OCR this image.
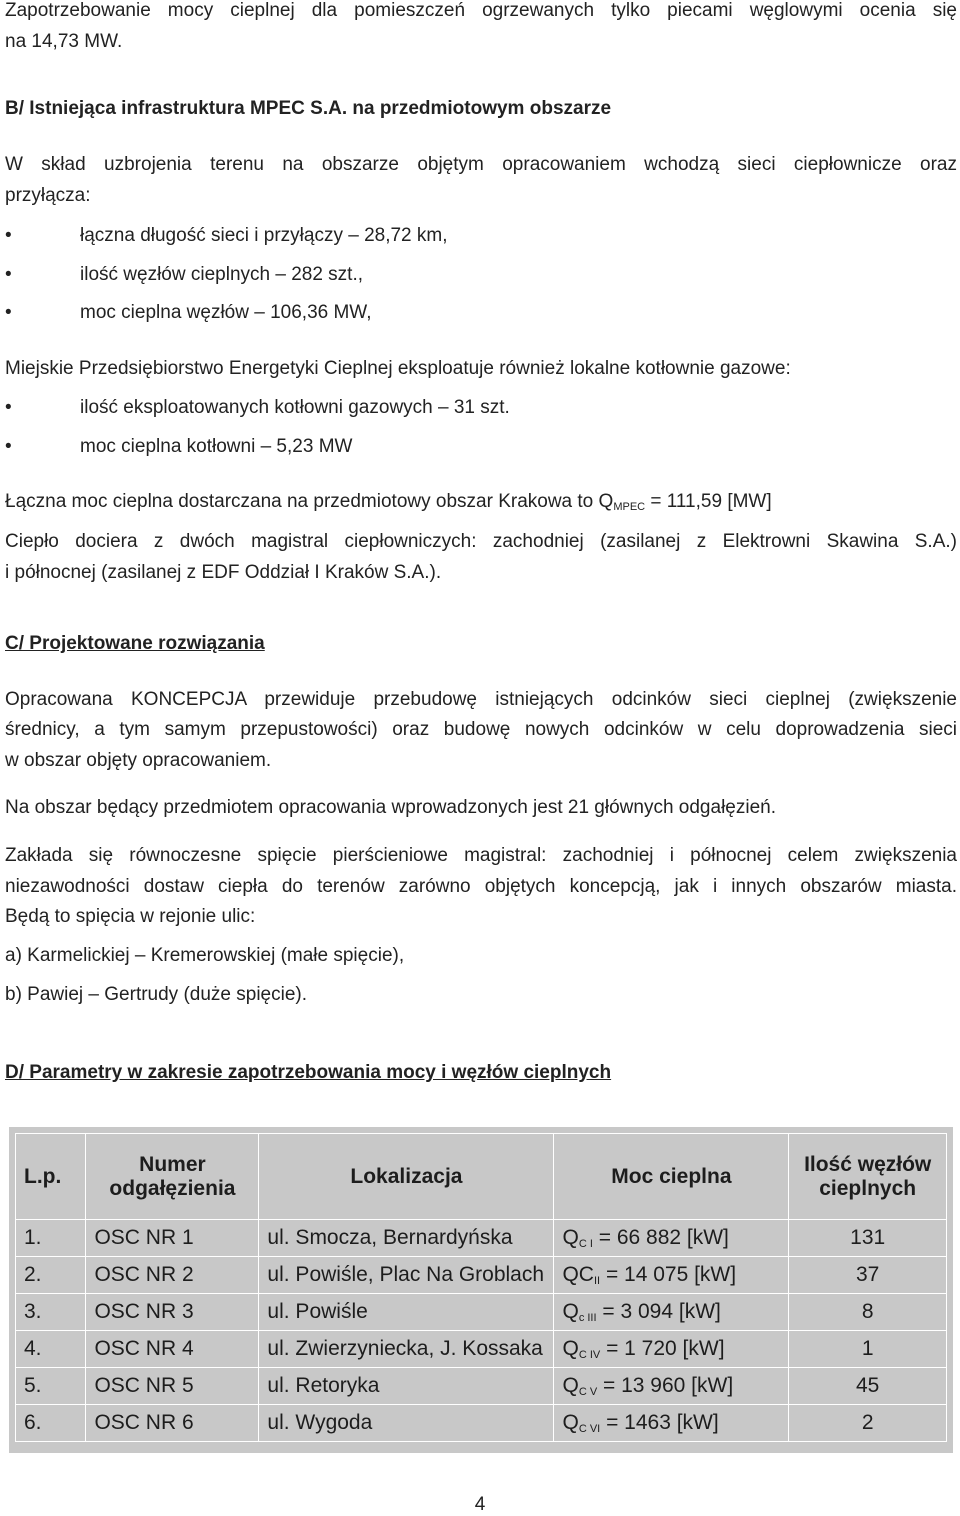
Zapotrzebowanie mocy cieplnej dla pomieszczeń ogrzewanych tylko piecami węglowymi ocenia się
na 14,73 MW.
B/ Istniejąca infrastruktura MPEC S.A. na przedmiotowym obszarze
W skład uzbrojenia terenu na obszarze objętym opracowaniem wchodzą sieci ciepłownicze oraz
przyłącza:
•	łączna długość sieci i przyłączy – 28,72 km,
•	ilość węzłów cieplnych – 282 szt.,
•	moc cieplna węzłów – 106,36 MW,
Miejskie Przedsiębiorstwo Energetyki Cieplnej eksploatuje również lokalne kotłownie gazowe:
•	ilość eksploatowanych kotłowni gazowych – 31 szt.
•	moc cieplna kotłowni – 5,23 MW
Łączna moc cieplna dostarczana na przedmiotowy obszar Krakowa to $Q_{MPEC} = 111,59$ [MW]
Ciepło dociera z dwóch magistral ciepłowniczych: zachodniej (zasilanej z Elektrowni Skawina S.A.)
i północnej (zasilanej z EDF Oddział I Kraków S.A.).
C/ Projektowane rozwiązania
Opracowana KONCEPCJA przewiduje przebudowę istniejących odcinków sieci cieplnej (zwiększenie
średnicy, a tym samym przepustowości) oraz budowę nowych odcinków w celu doprowadzenia sieci
w obszar objęty opracowaniem.
Na obszar będący przedmiotem opracowania wprowadzonych jest 21 głównych odgałęzień.
Zakłada się równoczesne spięcie pierścieniowe magistral: zachodniej i północnej celem zwiększenia
niezawodności dostaw ciepła do terenów zarówno objętych koncepcją, jak i innych obszarów miasta.
Będą to spięcia w rejonie ulic:
a) Karmelickiej – Kremerowskiej (małe spięcie),
b) Pawiej – Gertrudy (duże spięcie).
D/ Parametry w zakresie zapotrzebowania mocy i węzłów cieplnych
L.p.	Numer odgałęzienia	Lokalizacja	Moc cieplna	Ilość węzłów cieplnych
1.	OSC NR 1	ul. Smocza, Bernardyńska	$Q_{C I} = 66$ 882 [kW]	131
2.	OSC NR 2	ul. Powiśle, Plac Na Groblach	$QC_{II} = 14$ 075 [kW]	37
3.	OSC NR 3	ul. Powiśle	$Q_{c III} = 3$ 094 [kW]	8
4.	OSC NR 4	ul. Zwierzyniecka, J. Kossaka	$Q_{C IV} = 1$ 720 [kW]	1
5.	OSC NR 5	ul. Retoryka	$Q_{C V} = 13$ 960 [kW]	45
6.	OSC NR 6	ul. Wygoda	$Q_{C VI} = 1463$ [kW]	2
4
